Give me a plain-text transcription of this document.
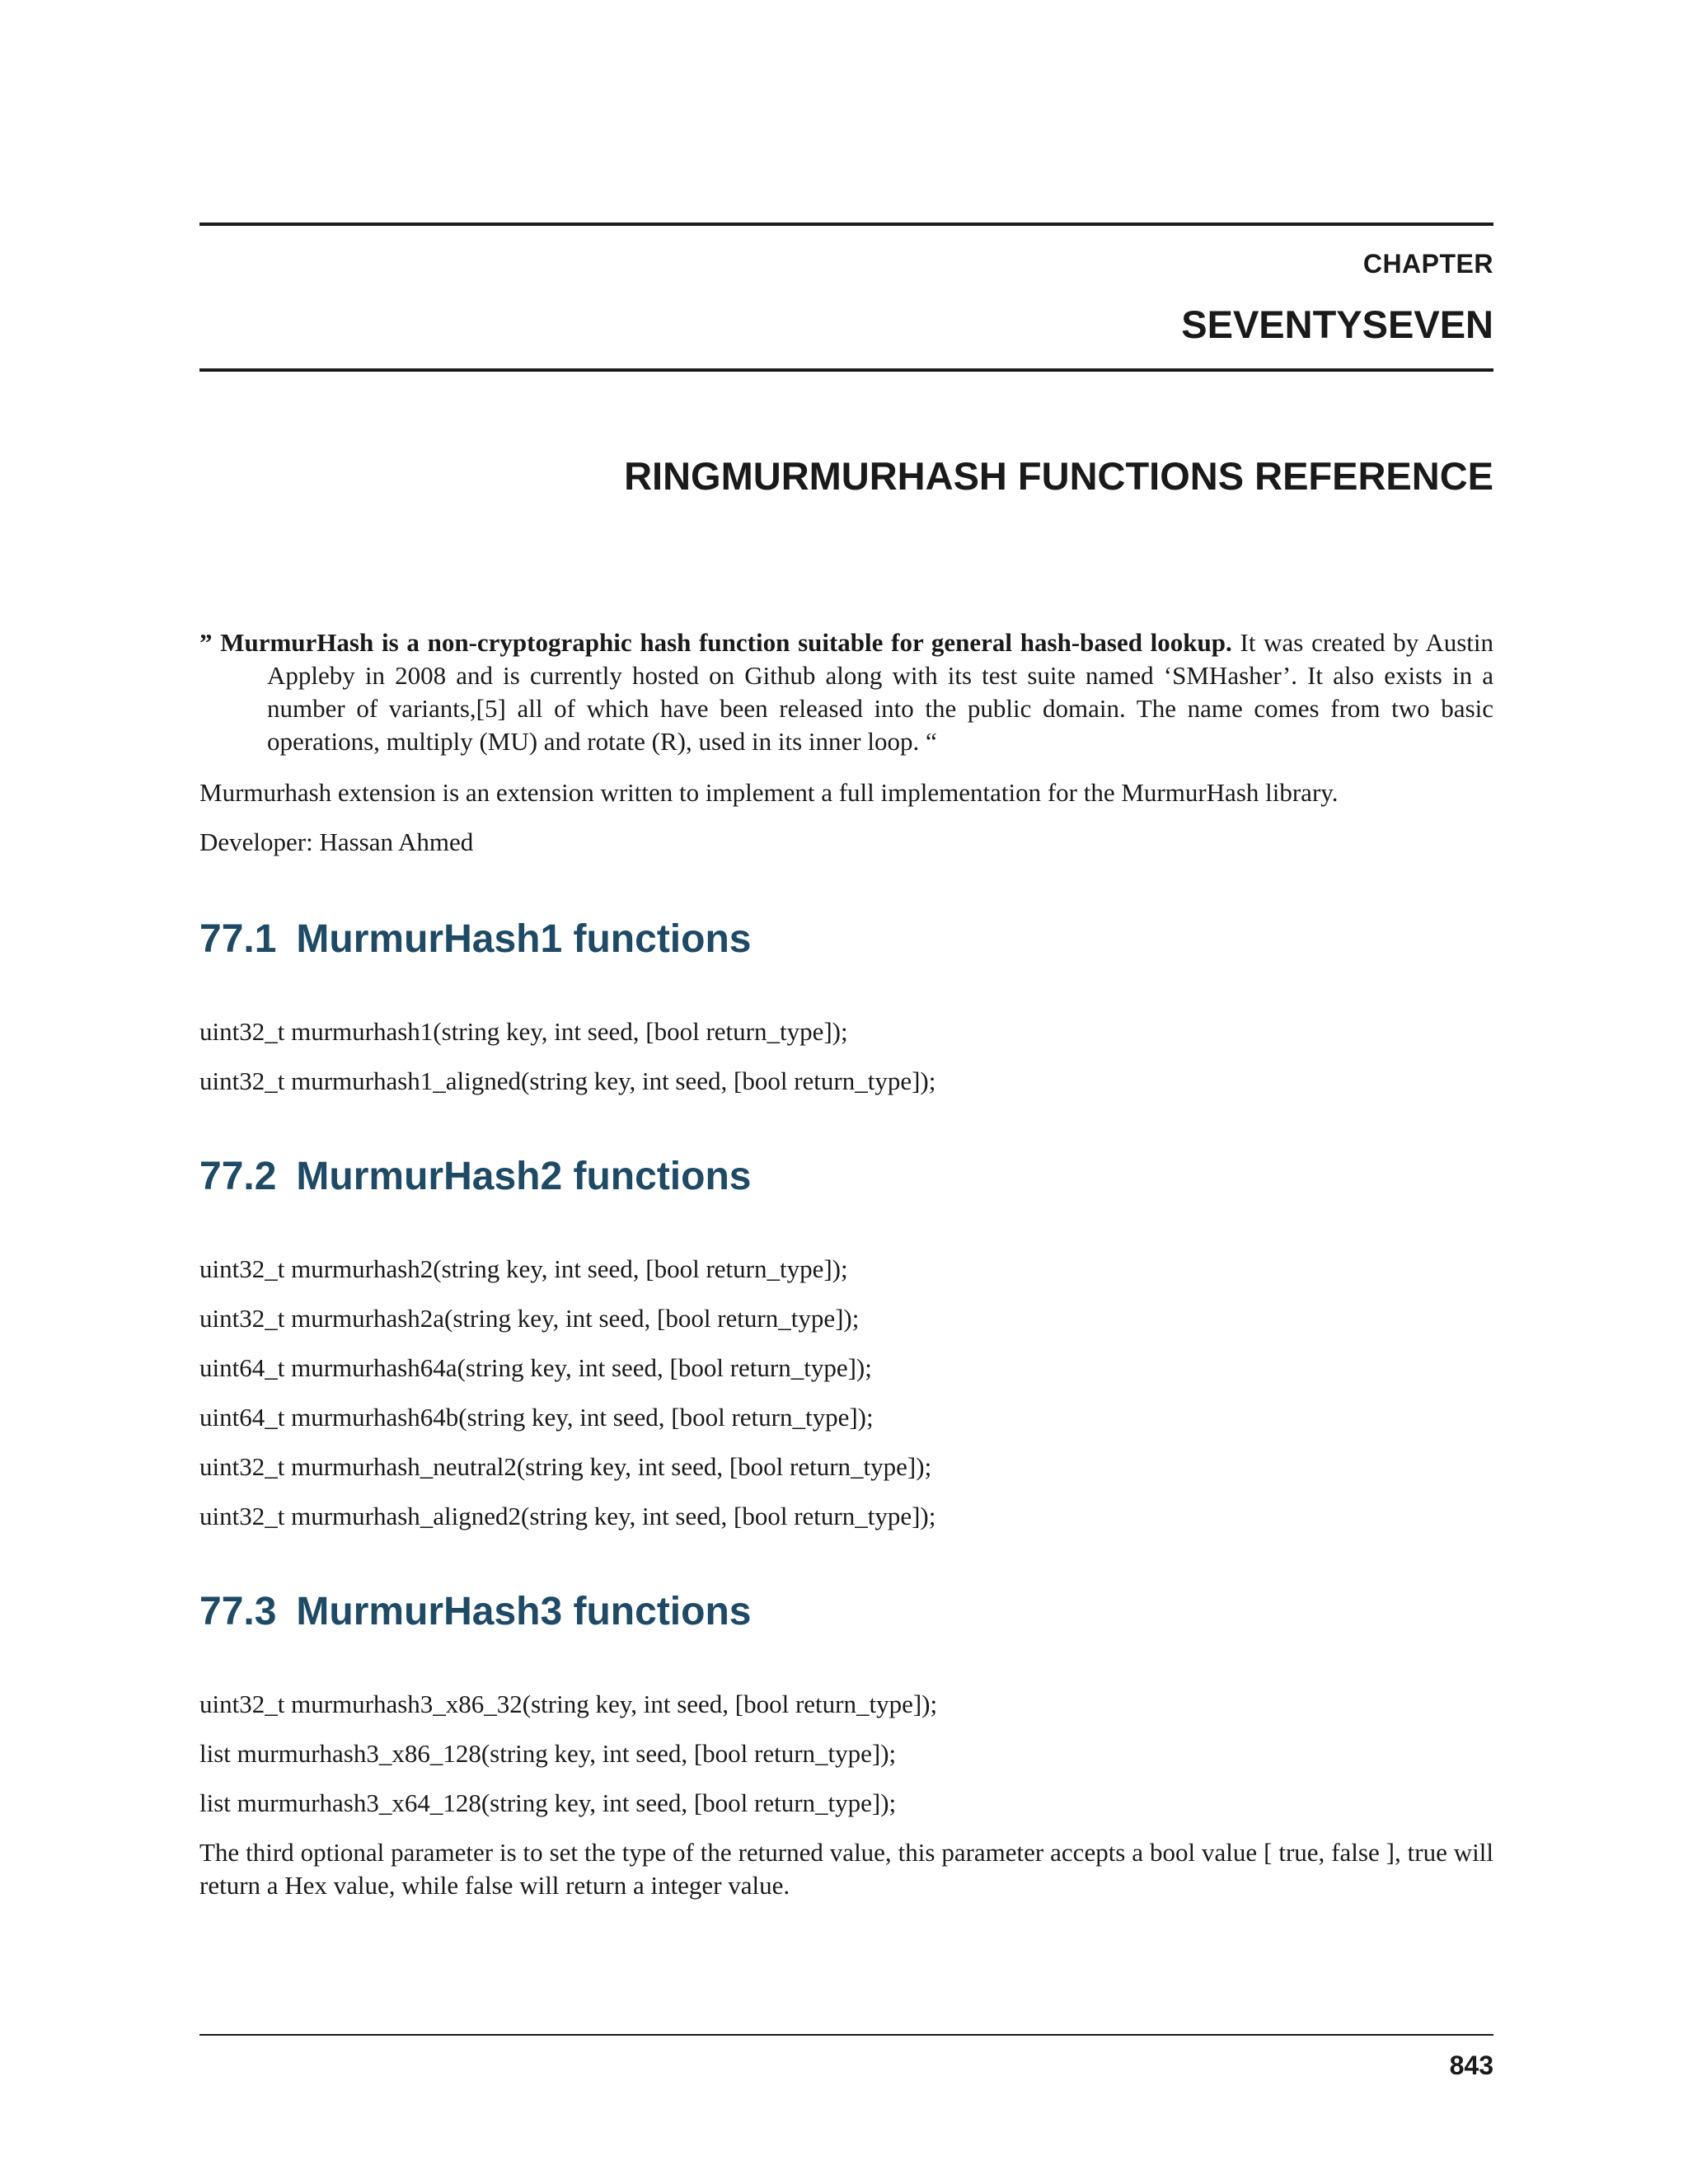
CHAPTER
SEVENTYSEVEN
RINGMURMURHASH FUNCTIONS REFERENCE
” MurmurHash is a non-cryptographic hash function suitable for general hash-based lookup. It was created by Austin Appleby in 2008 and is currently hosted on Github along with its test suite named ‘SMHasher’. It also exists in a number of variants,[5] all of which have been released into the public domain. The name comes from two basic operations, multiply (MU) and rotate (R), used in its inner loop. “

Murmurhash extension is an extension written to implement a full implementation for the MurmurHash library.

Developer: Hassan Ahmed

77.1 MurmurHash1 functions
uint32_t murmurhash1(string key, int seed, [bool return_type]);
uint32_t murmurhash1_aligned(string key, int seed, [bool return_type]);
77.2 MurmurHash2 functions
uint32_t murmurhash2(string key, int seed, [bool return_type]);
uint32_t murmurhash2a(string key, int seed, [bool return_type]);
uint64_t murmurhash64a(string key, int seed, [bool return_type]);
uint64_t murmurhash64b(string key, int seed, [bool return_type]);
uint32_t murmurhash_neutral2(string key, int seed, [bool return_type]);
uint32_t murmurhash_aligned2(string key, int seed, [bool return_type]);
77.3 MurmurHash3 functions
uint32_t murmurhash3_x86_32(string key, int seed, [bool return_type]);
list murmurhash3_x86_128(string key, int seed, [bool return_type]);
list murmurhash3_x64_128(string key, int seed, [bool return_type]);

The third optional parameter is to set the type of the returned value, this parameter accepts a bool value [ true, false ], true will return a Hex value, while false will return a integer value.

843
